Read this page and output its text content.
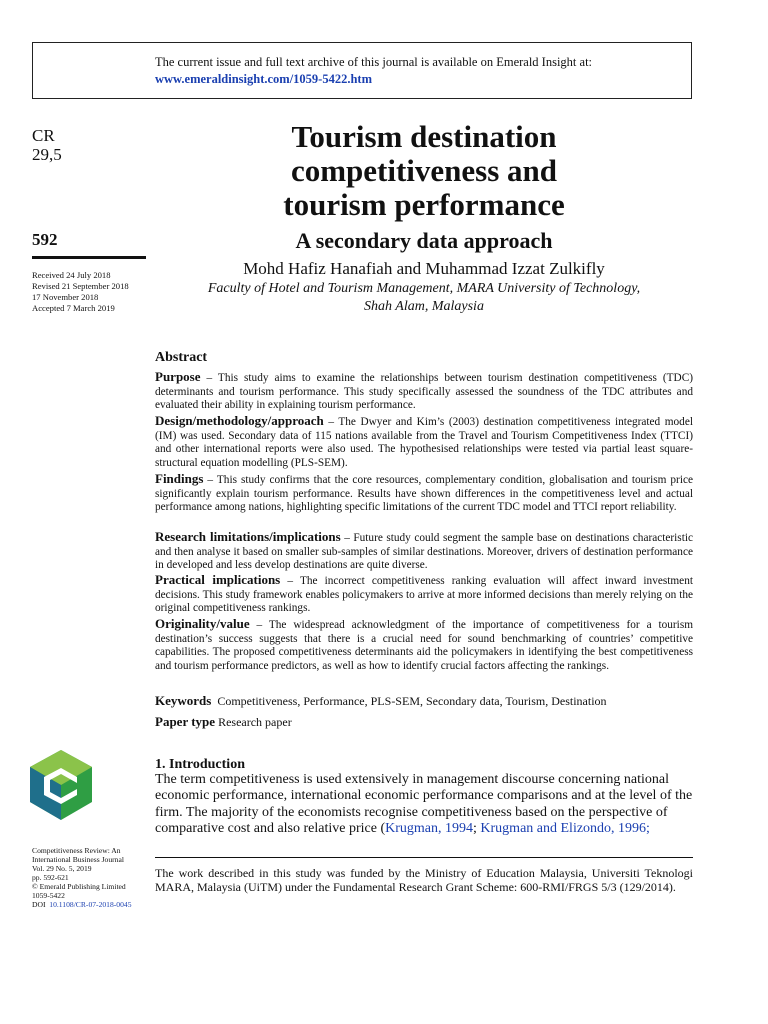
The current issue and full text archive of this journal is available on Emerald Insight at:
www.emeraldinsight.com/1059-5422.htm
CR
29,5
592
Received 24 July 2018
Revised 21 September 2018
17 November 2018
Accepted 7 March 2019
Tourism destination
competitiveness and
tourism performance
A secondary data approach
Mohd Hafiz Hanafiah and Muhammad Izzat Zulkifly
Faculty of Hotel and Tourism Management, MARA University of Technology,
Shah Alam, Malaysia
Abstract
Purpose – This study aims to examine the relationships between tourism destination competitiveness (TDC) determinants and tourism performance. This study specifically assessed the soundness of the TDC attributes and evaluated their ability in explaining tourism performance.
Design/methodology/approach – The Dwyer and Kim’s (2003) destination competitiveness integrated model (IM) was used. Secondary data of 115 nations available from the Travel and Tourism Competitiveness Index (TTCI) and other international reports were also used. The hypothesised relationships were tested via partial least square-structural equation modelling (PLS-SEM).
Findings – This study confirms that the core resources, complementary condition, globalisation and tourism price significantly explain tourism performance. Results have shown differences in the competitiveness level and actual performance among nations, highlighting specific limitations of the current TDC model and TTCI report reliability.
Research limitations/implications – Future study could segment the sample base on destinations characteristic and then analyse it based on smaller sub-samples of similar destinations. Moreover, drivers of destination performance in developed and less develop destinations are quite diverse.
Practical implications – The incorrect competitiveness ranking evaluation will affect inward investment decisions. This study framework enables policymakers to arrive at more informed decisions than merely relying on the original competitiveness rankings.
Originality/value – The widespread acknowledgment of the importance of competitiveness for a tourism destination’s success suggests that there is a crucial need for sound benchmarking of countries’ competitive capabilities. The proposed competitiveness determinants aid the policymakers in identifying the best competitiveness and tourism performance predictors, as well as how to identify crucial factors affecting the rankings.
Keywords Competitiveness, Performance, PLS-SEM, Secondary data, Tourism, Destination
Paper type Research paper
1. Introduction
The term competitiveness is used extensively in management discourse concerning national economic performance, international economic performance comparisons and at the level of the firm. The majority of the economists recognise competitiveness based on the perspective of comparative cost and also relative price (Krugman, 1994; Krugman and Elizondo, 1996;
The work described in this study was funded by the Ministry of Education Malaysia, Universiti Teknologi MARA, Malaysia (UiTM) under the Fundamental Research Grant Scheme: 600-RMI/FRGS 5/3 (129/2014).
Competitiveness Review: An
International Business Journal
Vol. 29 No. 5, 2019
pp. 592-621
© Emerald Publishing Limited
1059-5422
DOI 10.1108/CR-07-2018-0045
